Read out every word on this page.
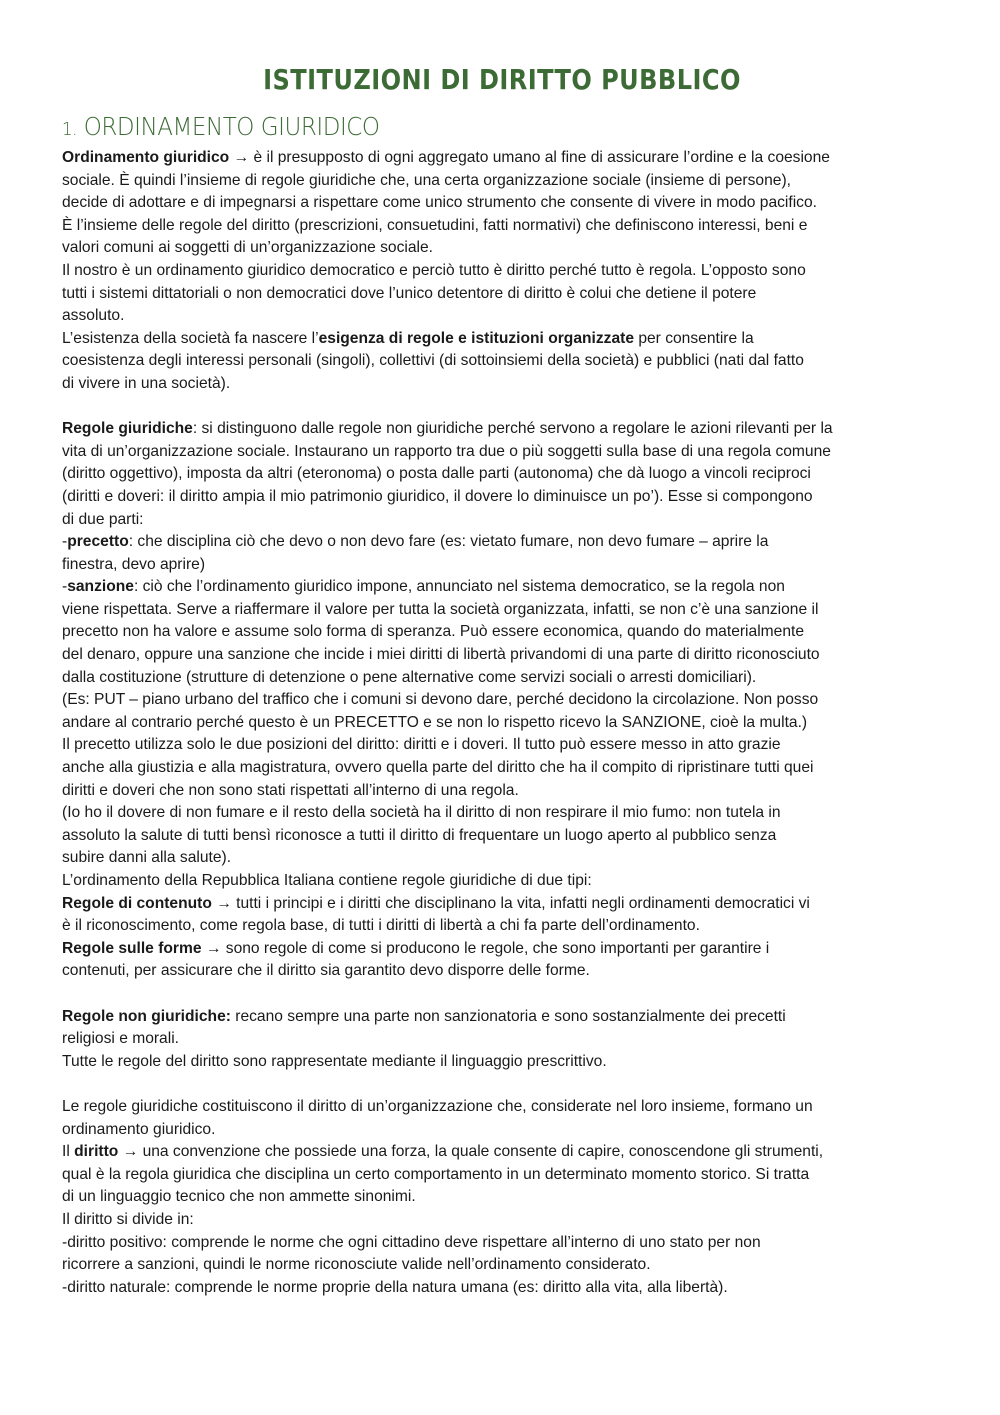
ISTITUZIONI DI DIRITTO PUBBLICO
1. ORDINAMENTO GIURIDICO
Ordinamento giuridico → è il presupposto di ogni aggregato umano al fine di assicurare l’ordine e la coesione
sociale. È quindi l’insieme di regole giuridiche che, una certa organizzazione sociale (insieme di persone),
decide di adottare e di impegnarsi a rispettare come unico strumento che consente di vivere in modo pacifico.
È l’insieme delle regole del diritto (prescrizioni, consuetudini, fatti normativi) che definiscono interessi, beni e
valori comuni ai soggetti di un’organizzazione sociale.
Il nostro è un ordinamento giuridico democratico e perciò tutto è diritto perché tutto è regola. L’opposto sono
tutti i sistemi dittatoriali o non democratici dove l’unico detentore di diritto è colui che detiene il potere
assoluto.
L’esistenza della società fa nascere l’esigenza di regole e istituzioni organizzate per consentire la
coesistenza degli interessi personali (singoli), collettivi (di sottoinsiemi della società) e pubblici (nati dal fatto
di vivere in una società).
Regole giuridiche: si distinguono dalle regole non giuridiche perché servono a regolare le azioni rilevanti per la
vita di un’organizzazione sociale. Instaurano un rapporto tra due o più soggetti sulla base di una regola comune
(diritto oggettivo), imposta da altri (eteronoma) o posta dalle parti (autonoma) che dà luogo a vincoli reciproci
(diritti e doveri: il diritto ampia il mio patrimonio giuridico, il dovere lo diminuisce un po’). Esse si compongono
di due parti:
-precetto: che disciplina ciò che devo o non devo fare (es: vietato fumare, non devo fumare – aprire la
finestra, devo aprire)
-sanzione: ciò che l’ordinamento giuridico impone, annunciato nel sistema democratico, se la regola non
viene rispettata. Serve a riaffermare il valore per tutta la società organizzata, infatti, se non c’è una sanzione il
precetto non ha valore e assume solo forma di speranza. Può essere economica, quando do materialmente
del denaro, oppure una sanzione che incide i miei diritti di libertà privandomi di una parte di diritto riconosciuto
dalla costituzione (strutture di detenzione o pene alternative come servizi sociali o arresti domiciliari).
(Es: PUT – piano urbano del traffico che i comuni si devono dare, perché decidono la circolazione. Non posso
andare al contrario perché questo è un PRECETTO e se non lo rispetto ricevo la SANZIONE, cioè la multa.)
Il precetto utilizza solo le due posizioni del diritto: diritti e i doveri. Il tutto può essere messo in atto grazie
anche alla giustizia e alla magistratura, ovvero quella parte del diritto che ha il compito di ripristinare tutti quei
diritti e doveri che non sono stati rispettati all’interno di una regola.
(Io ho il dovere di non fumare e il resto della società ha il diritto di non respirare il mio fumo: non tutela in
assoluto la salute di tutti bensì riconosce a tutti il diritto di frequentare un luogo aperto al pubblico senza
subire danni alla salute).
L’ordinamento della Repubblica Italiana contiene regole giuridiche di due tipi:
Regole di contenuto → tutti i principi e i diritti che disciplinano la vita, infatti negli ordinamenti democratici vi
è il riconoscimento, come regola base, di tutti i diritti di libertà a chi fa parte dell’ordinamento.
Regole sulle forme → sono regole di come si producono le regole, che sono importanti per garantire i
contenuti, per assicurare che il diritto sia garantito devo disporre delle forme.
Regole non giuridiche: recano sempre una parte non sanzionatoria e sono sostanzialmente dei precetti
religiosi e morali.
Tutte le regole del diritto sono rappresentate mediante il linguaggio prescrittivo.
Le regole giuridiche costituiscono il diritto di un’organizzazione che, considerate nel loro insieme, formano un
ordinamento giuridico.
Il diritto → una convenzione che possiede una forza, la quale consente di capire, conoscendone gli strumenti,
qual è la regola giuridica che disciplina un certo comportamento in un determinato momento storico. Si tratta
di un linguaggio tecnico che non ammette sinonimi.
Il diritto si divide in:
-diritto positivo: comprende le norme che ogni cittadino deve rispettare all’interno di uno stato per non
ricorrere a sanzioni, quindi le norme riconosciute valide nell’ordinamento considerato.
-diritto naturale: comprende le norme proprie della natura umana (es: diritto alla vita, alla libertà).
